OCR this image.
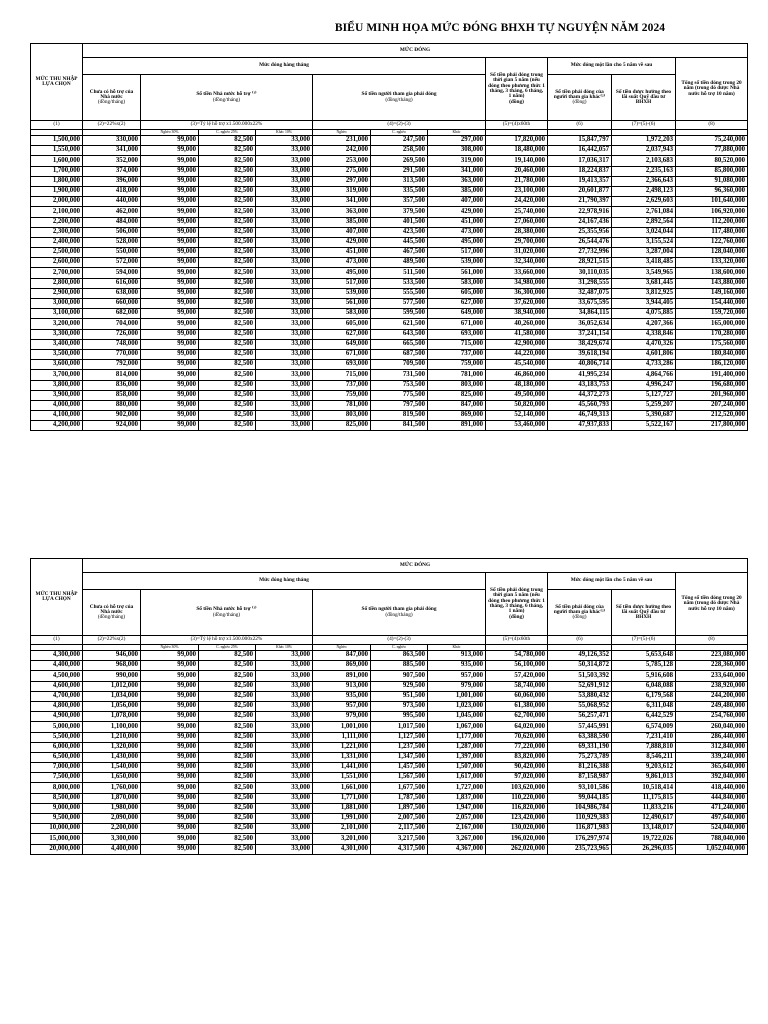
BIỂU MINH HỌA MỨC ĐÓNG BHXH TỰ NGUYỆN NĂM 2024
MỨC THU NHẬP LỰA CHỌN	MỨC ĐÓNG										
	Mức đóng hàng tháng							Số tiền phải đóng trong thời gian 5 năm (nếu đóng theo phương thức 1 tháng, 3 tháng, 6 tháng, 1 năm)
(đồng)	Mức đóng một lần cho 5 năm về sau		Tổng số tiền đóng trong 20 năm (trong đó được Nhà nước hỗ trợ 10 năm)
	Chưa có hỗ trợ của Nhà nước
(đồng/tháng)	Số tiền Nhà nước hỗ trợ ⁽¹⁾
(đồng/tháng)			Số tiền người tham gia phải đóng
(đồng/tháng)				Số tiền phải đóng của người tham gia khác⁽²⁾
(đồng)	Số tiền được hưởng theo lãi suất Quỹ đầu tư BHXH	
(1)	(2)=22%x(2)	(3)=Tỷ lệ hỗ trợ x1.500.000x22%			(4)=(2)-(3)			(5)=(4)x60th	(6)	(7)=(5)-(6)	(8)
		Nghèo 30%	C. nghèo 25%	Khác 10%	Nghèo	C. nghèo	Khác				
1,500,000	330,000	99,000	82,500	33,000	231,000	247,500	297,000	17,820,000	15,847,797	1,972,203	75,240,000
1,550,000	341,000	99,000	82,500	33,000	242,000	258,500	308,000	18,480,000	16,442,057	2,037,943	77,880,000
1,600,000	352,000	99,000	82,500	33,000	253,000	269,500	319,000	19,140,000	17,036,317	2,103,683	80,520,000
1,700,000	374,000	99,000	82,500	33,000	275,000	291,500	341,000	20,460,000	18,224,837	2,235,163	85,800,000
1,800,000	396,000	99,000	82,500	33,000	297,000	313,500	363,000	21,780,000	19,413,357	2,366,643	91,080,000
1,900,000	418,000	99,000	82,500	33,000	319,000	335,500	385,000	23,100,000	20,601,877	2,498,123	96,360,000
2,000,000	440,000	99,000	82,500	33,000	341,000	357,500	407,000	24,420,000	21,790,397	2,629,603	101,640,000
2,100,000	462,000	99,000	82,500	33,000	363,000	379,500	429,000	25,740,000	22,978,916	2,761,084	106,920,000
2,200,000	484,000	99,000	82,500	33,000	385,000	401,500	451,000	27,060,000	24,167,436	2,892,564	112,200,000
2,300,000	506,000	99,000	82,500	33,000	407,000	423,500	473,000	28,380,000	25,355,956	3,024,044	117,480,000
2,400,000	528,000	99,000	82,500	33,000	429,000	445,500	495,000	29,700,000	26,544,476	3,155,524	122,760,000
2,500,000	550,000	99,000	82,500	33,000	451,000	467,500	517,000	31,020,000	27,732,996	3,287,004	128,040,000
2,600,000	572,000	99,000	82,500	33,000	473,000	489,500	539,000	32,340,000	28,921,515	3,418,485	133,320,000
2,700,000	594,000	99,000	82,500	33,000	495,000	511,500	561,000	33,660,000	30,110,035	3,549,965	138,600,000
2,800,000	616,000	99,000	82,500	33,000	517,000	533,500	583,000	34,980,000	31,298,555	3,681,445	143,880,000
2,900,000	638,000	99,000	82,500	33,000	539,000	555,500	605,000	36,300,000	32,487,075	3,812,925	149,160,000
3,000,000	660,000	99,000	82,500	33,000	561,000	577,500	627,000	37,620,000	33,675,595	3,944,405	154,440,000
3,100,000	682,000	99,000	82,500	33,000	583,000	599,500	649,000	38,940,000	34,864,115	4,075,885	159,720,000
3,200,000	704,000	99,000	82,500	33,000	605,000	621,500	671,000	40,260,000	36,052,634	4,207,366	165,000,000
3,300,000	726,000	99,000	82,500	33,000	627,000	643,500	693,000	41,580,000	37,241,154	4,338,846	170,280,000
3,400,000	748,000	99,000	82,500	33,000	649,000	665,500	715,000	42,900,000	38,429,674	4,470,326	175,560,000
3,500,000	770,000	99,000	82,500	33,000	671,000	687,500	737,000	44,220,000	39,618,194	4,601,806	180,840,000
3,600,000	792,000	99,000	82,500	33,000	693,000	709,500	759,000	45,540,000	40,806,714	4,733,286	186,120,000
3,700,000	814,000	99,000	82,500	33,000	715,000	731,500	781,000	46,860,000	41,995,234	4,864,766	191,400,000
3,800,000	836,000	99,000	82,500	33,000	737,000	753,500	803,000	48,180,000	43,183,753	4,996,247	196,680,000
3,900,000	858,000	99,000	82,500	33,000	759,000	775,500	825,000	49,500,000	44,372,273	5,127,727	201,960,000
4,000,000	880,000	99,000	82,500	33,000	781,000	797,500	847,000	50,820,000	45,560,793	5,259,207	207,240,000
4,100,000	902,000	99,000	82,500	33,000	803,000	819,500	869,000	52,140,000	46,749,313	5,390,687	212,520,000
4,200,000	924,000	99,000	82,500	33,000	825,000	841,500	891,000	53,460,000	47,937,833	5,522,167	217,800,000
MỨC THU NHẬP LỰA CHỌN	MỨC ĐÓNG										
	Mức đóng hàng tháng							Số tiền phải đóng trong thời gian 5 năm (nếu đóng theo phương thức 1 tháng, 3 tháng, 6 tháng, 1 năm)
(đồng)	Mức đóng một lần cho 5 năm về sau		Tổng số tiền đóng trong 20 năm (trong đó được Nhà nước hỗ trợ 10 năm)
	Chưa có hỗ trợ của Nhà nước
(đồng/tháng)	Số tiền Nhà nước hỗ trợ ⁽¹⁾
(đồng/tháng)			Số tiền người tham gia phải đóng
(đồng/tháng)				Số tiền phải đóng của người tham gia khác⁽²⁾
(đồng)	Số tiền được hưởng theo lãi suất Quỹ đầu tư BHXH	
(1)	(2)=22%x(2)	(3)=Tỷ lệ hỗ trợ x1.500.000x22%			(4)=(2)-(3)			(5)=(4)x60th	(6)	(7)=(5)-(6)	(8)
		Nghèo 30%	C. nghèo 25%	Khác 10%	Nghèo	C. nghèo	Khác				
4,300,000	946,000	99,000	82,500	33,000	847,000	863,500	913,000	54,780,000	49,126,352	5,653,648	223,080,000
4,400,000	968,000	99,000	82,500	33,000	869,000	885,500	935,000	56,100,000	50,314,872	5,785,128	228,360,000
4,500,000	990,000	99,000	82,500	33,000	891,000	907,500	957,000	57,420,000	51,503,392	5,916,608	233,640,000
4,600,000	1,012,000	99,000	82,500	33,000	913,000	929,500	979,000	58,740,000	52,691,912	6,048,088	238,920,000
4,700,000	1,034,000	99,000	82,500	33,000	935,000	951,500	1,001,000	60,060,000	53,880,432	6,179,568	244,200,000
4,800,000	1,056,000	99,000	82,500	33,000	957,000	973,500	1,023,000	61,380,000	55,068,952	6,311,048	249,480,000
4,900,000	1,078,000	99,000	82,500	33,000	979,000	995,500	1,045,000	62,700,000	56,257,471	6,442,529	254,760,000
5,000,000	1,100,000	99,000	82,500	33,000	1,001,000	1,017,500	1,067,000	64,020,000	57,445,991	6,574,009	260,040,000
5,500,000	1,210,000	99,000	82,500	33,000	1,111,000	1,127,500	1,177,000	70,620,000	63,388,590	7,231,410	286,440,000
6,000,000	1,320,000	99,000	82,500	33,000	1,221,000	1,237,500	1,287,000	77,220,000	69,331,190	7,888,810	312,840,000
6,500,000	1,430,000	99,000	82,500	33,000	1,331,000	1,347,500	1,397,000	83,820,000	75,273,789	8,546,211	339,240,000
7,000,000	1,540,000	99,000	82,500	33,000	1,441,000	1,457,500	1,507,000	90,420,000	81,216,388	9,203,612	365,640,000
7,500,000	1,650,000	99,000	82,500	33,000	1,551,000	1,567,500	1,617,000	97,020,000	87,158,987	9,861,013	392,040,000
8,000,000	1,760,000	99,000	82,500	33,000	1,661,000	1,677,500	1,727,000	103,620,000	93,101,586	10,518,414	418,440,000
8,500,000	1,870,000	99,000	82,500	33,000	1,771,000	1,787,500	1,837,000	110,220,000	99,044,185	11,175,815	444,840,000
9,000,000	1,980,000	99,000	82,500	33,000	1,881,000	1,897,500	1,947,000	116,820,000	104,986,784	11,833,216	471,240,000
9,500,000	2,090,000	99,000	82,500	33,000	1,991,000	2,007,500	2,057,000	123,420,000	110,929,383	12,490,617	497,640,000
10,000,000	2,200,000	99,000	82,500	33,000	2,101,000	2,117,500	2,167,000	130,020,000	116,871,983	13,148,017	524,040,000
15,000,000	3,300,000	99,000	82,500	33,000	3,201,000	3,217,500	3,267,000	196,020,000	176,297,974	19,722,026	788,040,000
20,000,000	4,400,000	99,000	82,500	33,000	4,301,000	4,317,500	4,367,000	262,020,000	235,723,965	26,296,035	1,052,040,000
